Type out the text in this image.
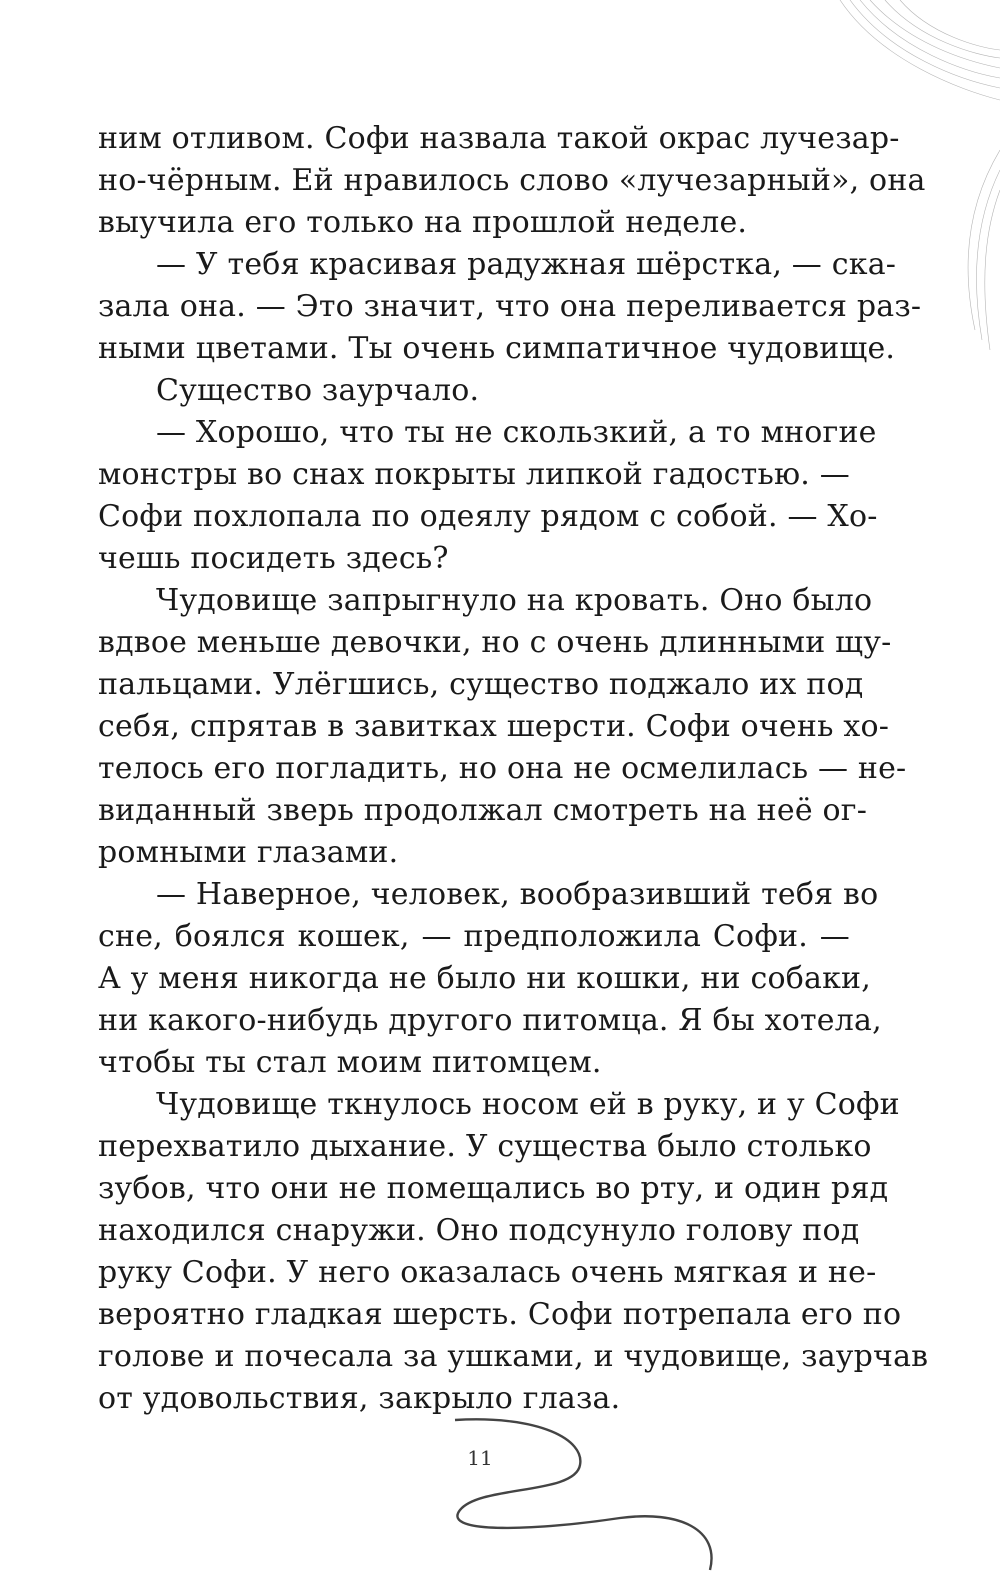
ним отливом. Софи назвала такой окрас лучезар-
но-чёрным. Ей нравилось слово «лучезарный», она
выучила его только на прошлой неделе.
— У тебя красивая радужная шёрстка, — ска-
зала она. — Это значит, что она переливается раз-
ными цветами. Ты очень симпатичное чудовище.
Существо заурчало.
— Хорошо, что ты не скользкий, а то многие
монстры во снах покрыты липкой гадостью. —
Софи похлопала по одеялу рядом с собой. — Хо-
чешь посидеть здесь?
Чудовище запрыгнуло на кровать. Оно было
вдвое меньше девочки, но с очень длинными щу-
пальцами. Улёгшись, существо поджало их под
себя, спрятав в завитках шерсти. Софи очень хо-
телось его погладить, но она не осмелилась — не-
виданный зверь продолжал смотреть на неё ог-
ромными глазами.
— Наверное, человек, вообразивший тебя во
сне, боялся кошек, — предположила Софи. —
А у меня никогда не было ни кошки, ни собаки,
ни какого-нибудь другого питомца. Я бы хотела,
чтобы ты стал моим питомцем.
Чудовище ткнулось носом ей в руку, и у Софи
перехватило дыхание. У существа было столько
зубов, что они не помещались во рту, и один ряд
находился снаружи. Оно подсунуло голову под
руку Софи. У него оказалась очень мягкая и не-
вероятно гладкая шерсть. Софи потрепала его по
голове и почесала за ушками, и чудовище, заурчав
от удовольствия, закрыло глаза.
11
